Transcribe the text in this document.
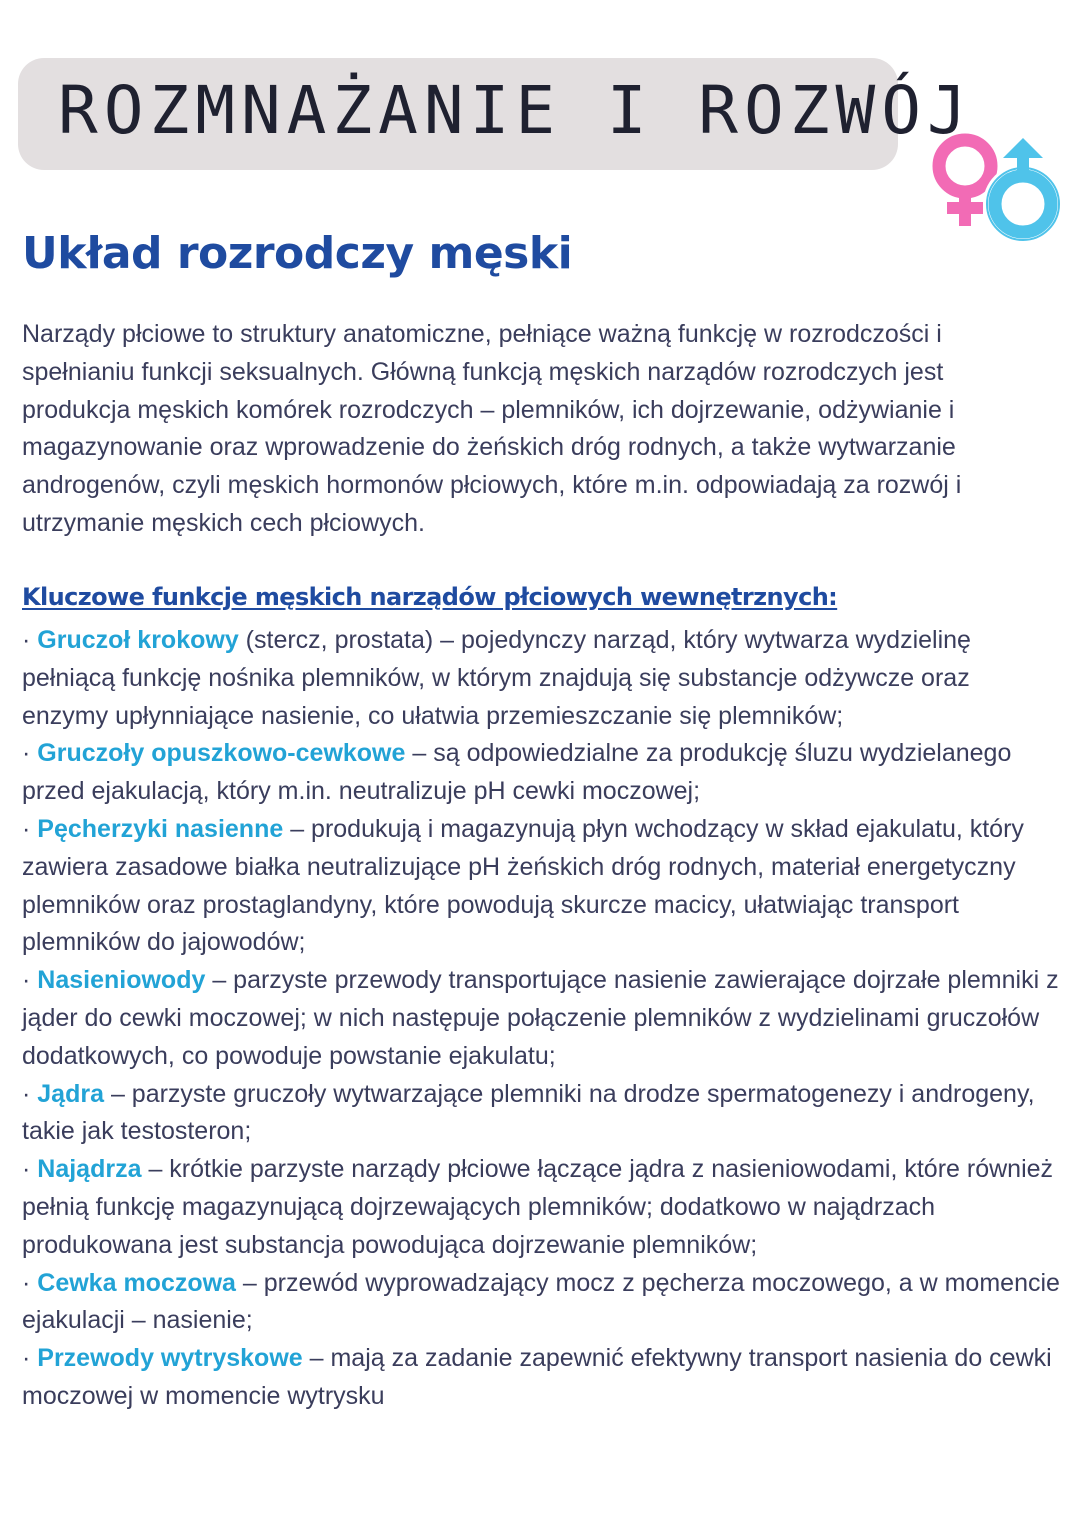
ROZMNAŻANIE I ROZWÓJ
Układ rozrodczy męski

Narządy płciowe to struktury anatomiczne, pełniące ważną funkcję w rozrodczości i spełnianiu funkcji seksualnych. Główną funkcją męskich narządów rozrodczych jest produkcja męskich komórek rozrodczych – plemników, ich dojrzewanie, odżywianie i magazynowanie oraz wprowadzenie do żeńskich dróg rodnych, a także wytwarzanie androgenów, czyli męskich hormonów płciowych, które m.in. odpowiadają za rozwój i utrzymanie męskich cech płciowych.

Kluczowe funkcje męskich narządów płciowych wewnętrznych:
· Gruczoł krokowy (stercz, prostata) – pojedynczy narząd, który wytwarza wydzielinę pełniącą funkcję nośnika plemników, w którym znajdują się substancje odżywcze oraz enzymy upłynniające nasienie, co ułatwia przemieszczanie się plemników;
· Gruczoły opuszkowo-cewkowe – są odpowiedzialne za produkcję śluzu wydzielanego przed ejakulacją, który m.in. neutralizuje pH cewki moczowej;
· Pęcherzyki nasienne – produkują i magazynują płyn wchodzący w skład ejakulatu, który zawiera zasadowe białka neutralizujące pH żeńskich dróg rodnych, materiał energetyczny plemników oraz prostaglandyny, które powodują skurcze macicy, ułatwiając transport plemników do jajowodów;
· Nasieniowody – parzyste przewody transportujące nasienie zawierające dojrzałe plemniki z jąder do cewki moczowej; w nich następuje połączenie plemników z wydzielinami gruczołów dodatkowych, co powoduje powstanie ejakulatu;
· Jądra – parzyste gruczoły wytwarzające plemniki na drodze spermatogenezy i androgeny, takie jak testosteron;
· Najądrza – krótkie parzyste narządy płciowe łączące jądra z nasieniowodami, które również pełnią funkcję magazynującą dojrzewających plemników; dodatkowo w najądrzach produkowana jest substancja powodująca dojrzewanie plemników;
· Cewka moczowa – przewód wyprowadzający mocz z pęcherza moczowego, a w momencie ejakulacji – nasienie;
· Przewody wytryskowe – mają za zadanie zapewnić efektywny transport nasienia do cewki moczowej w momencie wytrysku
